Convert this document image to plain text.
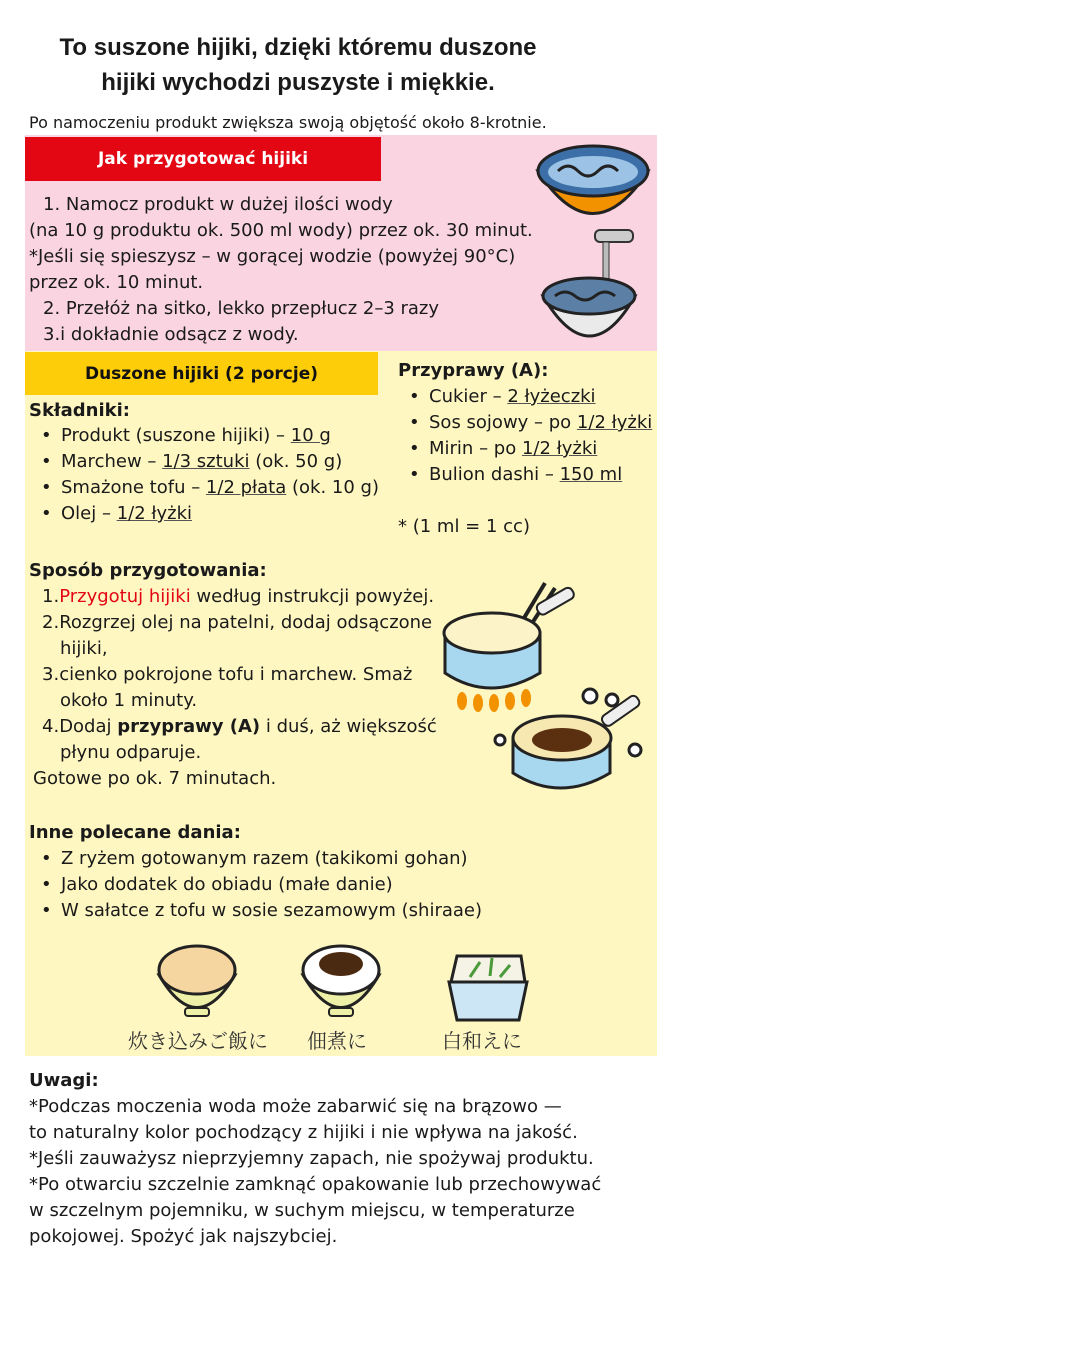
To suszone hijiki, dzięki któremu duszone hijiki wychodzi puszyste i miękkie.
Po namoczeniu produkt zwiększa swoją objętość około 8-krotnie.
Jak przygotować hijiki
1. Namocz produkt w dużej ilości wody
(na 10 g produktu ok. 500 ml wody) przez ok. 30 minut.
*Jeśli się spieszysz – w gorącej wodzie (powyżej 90°C)
przez ok. 10 minut.
2. Przełóż na sitko, lekko przepłucz 2–3 razy
3.i dokładnie odsącz z wody.
Duszone hijiki (2 porcje)
Składniki:
• Produkt (suszone hijiki) – 10 g
• Marchew – 1/3 sztuki (ok. 50 g)
• Smażone tofu – 1/2 płata (ok. 10 g)
• Olej – 1/2 łyżki
Przyprawy (A):
• Cukier – 2 łyżeczki
• Sos sojowy – po 1/2 łyżki
• Mirin – po 1/2 łyżki
• Bulion dashi – 150 ml
* (1 ml = 1 cc)
Sposób przygotowania:
1.Przygotuj hijiki według instrukcji powyżej.
2.Rozgrzej olej na patelni, dodaj odsączone
hijiki,
3.cienko pokrojone tofu i marchew. Smaż
około 1 minuty.
4.Dodaj przyprawy (A) i duś, aż większość
płynu odparuje.
Gotowe po ok. 7 minutach.
Inne polecane dania:
• Z ryżem gotowanym razem (takikomi gohan)
• Jako dodatek do obiadu (małe danie)
• W sałatce z tofu w sosie sezamowym (shiraae)
炊き込みご飯に 佃煮に	白和えに
Uwagi:
*Podczas moczenia woda może zabarwić się na brązowo —
to naturalny kolor pochodzący z hijiki i nie wpływa na jakość.
*Jeśli zauważysz nieprzyjemny zapach, nie spożywaj produktu.
*Po otwarciu szczelnie zamknąć opakowanie lub przechowywać
w szczelnym pojemniku, w suchym miejscu, w temperaturze
pokojowej. Spożyć jak najszybciej.
